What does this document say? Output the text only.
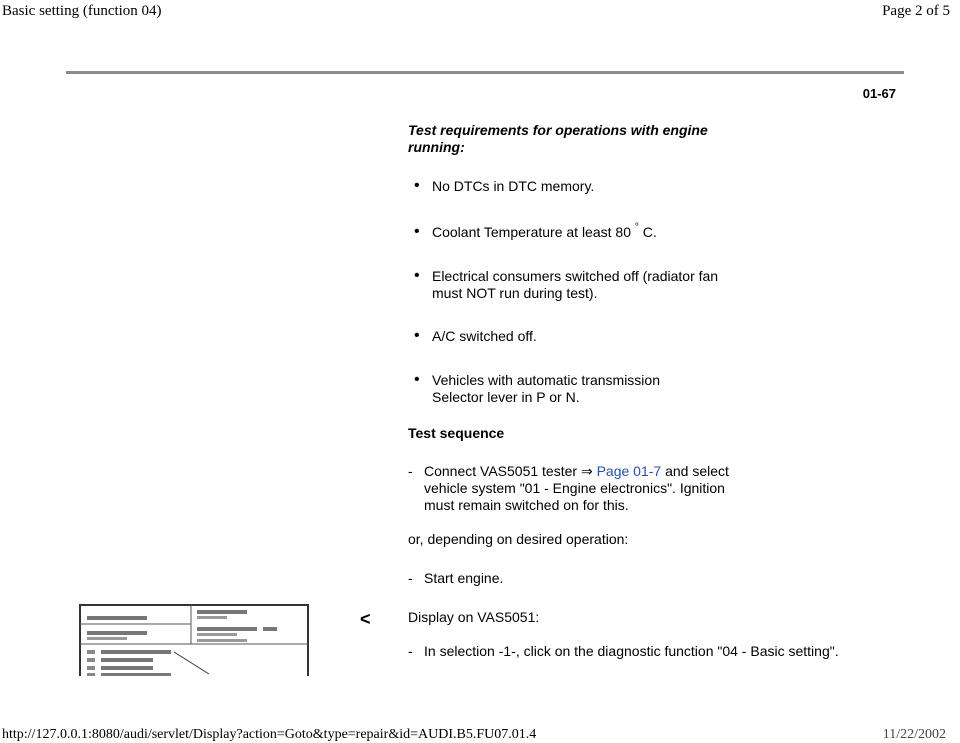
Basic setting (function 04)	Page 2 of 5
01-67
Test requirements for operations with engine running:
• No DTCs in DTC memory.
• Coolant Temperature at least 80 ° C.
• Electrical consumers switched off (radiator fan must NOT run during test).
• A/C switched off.
• Vehicles with automatic transmission Selector lever in P or N.
Test sequence
- Connect VAS5051 tester ⇒ Page 01-7 and select vehicle system "01 - Engine electronics". Ignition must remain switched on for this.
or, depending on desired operation:
- Start engine.
<	Display on VAS5051:
- In selection -1-, click on the diagnostic function "04 - Basic setting".
http://127.0.0.1:8080/audi/servlet/Display?action=Goto&type=repair&id=AUDI.B5.FU07.01.4	11/22/2002
